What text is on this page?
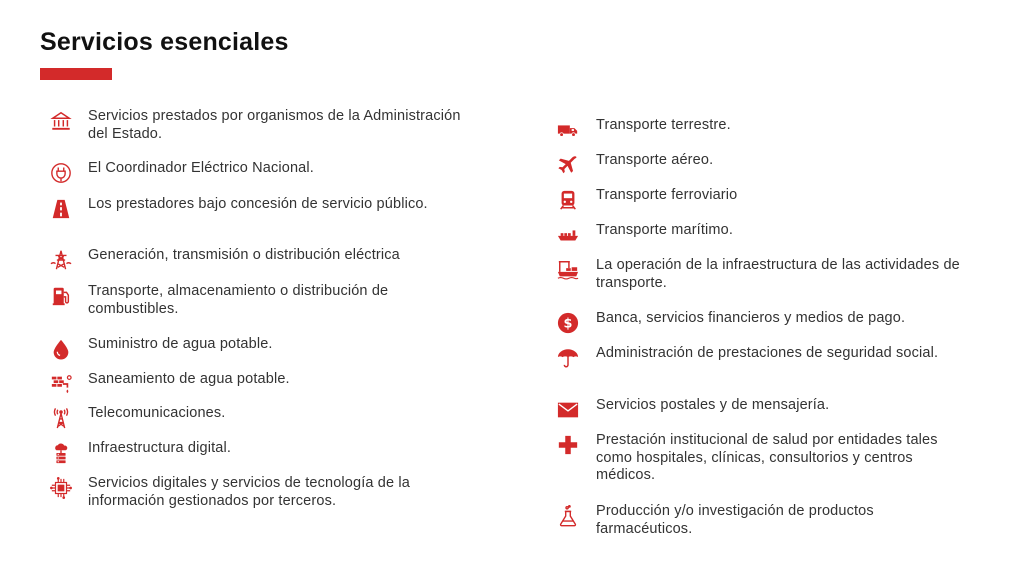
Servicios esenciales
Servicios prestados por organismos de la Administración del Estado.
El Coordinador Eléctrico Nacional.
Los prestadores bajo concesión de servicio público.
Generación, transmisión o distribución eléctrica
Transporte, almacenamiento o distribución de combustibles.
Suministro de agua potable.
Saneamiento de agua potable.
Telecomunicaciones.
Infraestructura digital.
Servicios digitales y servicios de tecnología de la información gestionados por terceros.
Transporte terrestre.
Transporte aéreo.
Transporte ferroviario
Transporte marítimo.
La operación de la infraestructura de las actividades de transporte.
$ Banca, servicios financieros y medios de pago.
Administración de prestaciones de seguridad social.
Servicios postales y de mensajería.
Prestación institucional de salud por entidades tales como hospitales, clínicas, consultorios y centros médicos.
Producción y/o investigación de productos farmacéuticos.
